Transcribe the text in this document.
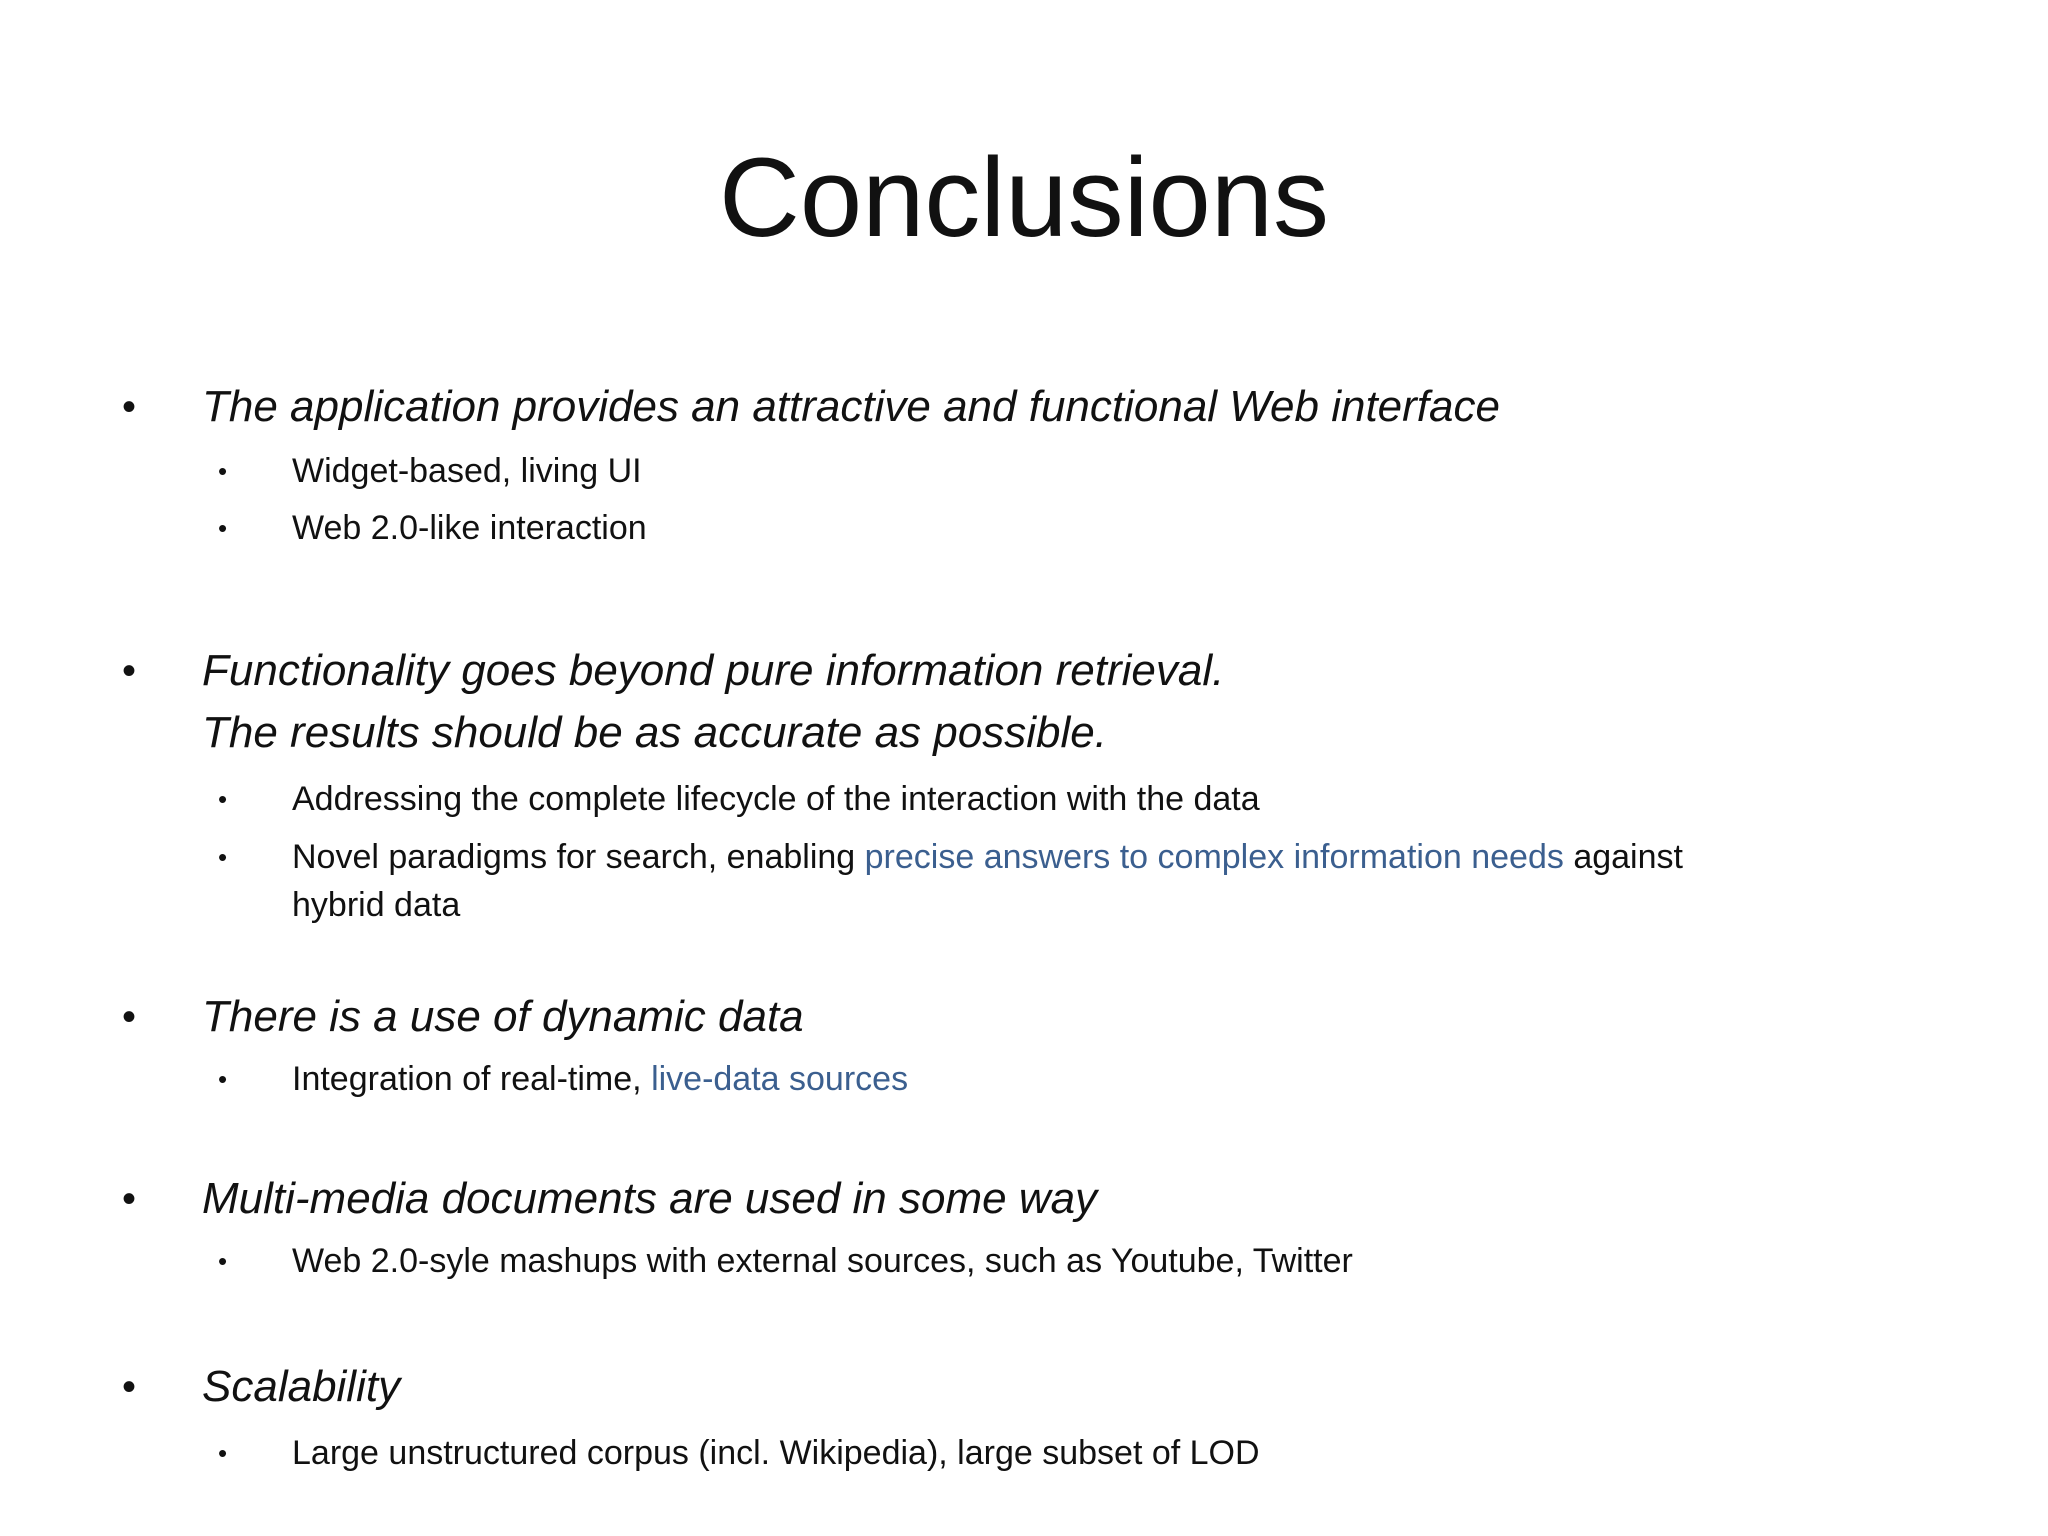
Conclusions
• The application provides an attractive and functional Web interface
• Widget-based, living UI
• Web 2.0-like interaction
• Functionality goes beyond pure information retrieval.
The results should be as accurate as possible.
• Addressing the complete lifecycle of the interaction with the data
• Novel paradigms for search, enabling precise answers to complex information needs against
hybrid data
• There is a use of dynamic data
• Integration of real-time, live-data sources
• Multi-media documents are used in some way
• Web 2.0-syle mashups with external sources, such as Youtube, Twitter
• Scalability
• Large unstructured corpus (incl. Wikipedia), large subset of LOD
